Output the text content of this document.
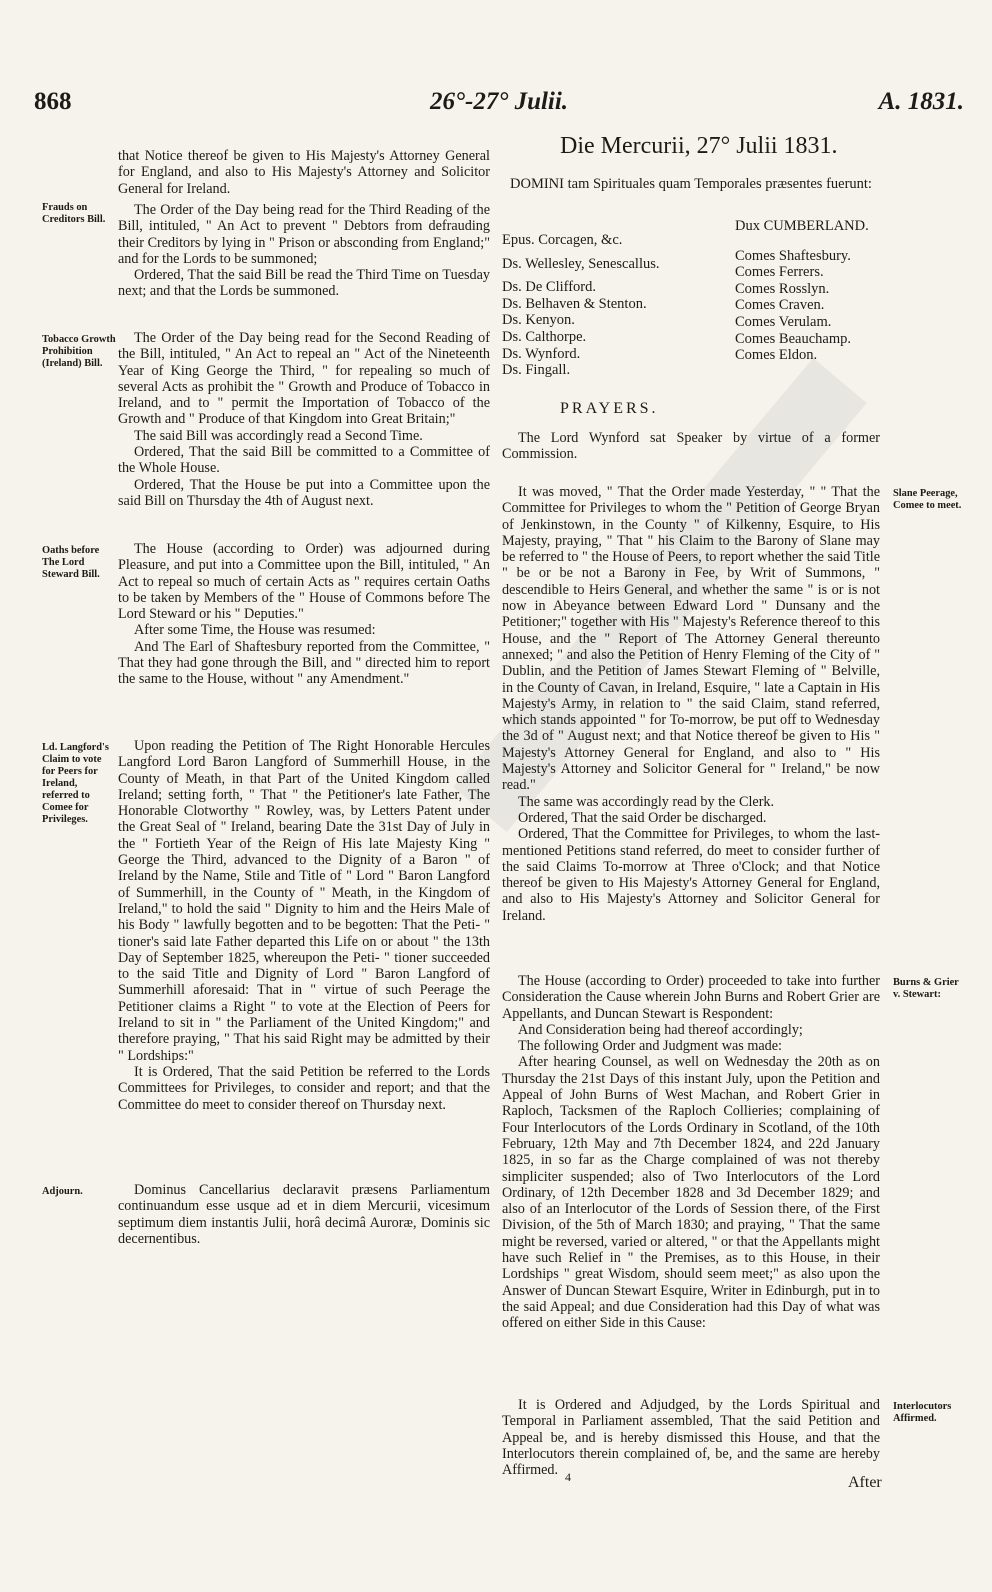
868	26°-27° Julii.	A. 1831.

that Notice thereof be given to His Majesty's Attorney General for England, and also to His Majesty's Attorney and Solicitor General for Ireland.

Frauds on Creditors Bill.

The Order of the Day being read for the Third Reading of the Bill, intituled, " An Act to prevent " Debtors from defrauding their Creditors by lying in " Prison or absconding from England;" and for the Lords to be summoned;

Ordered, That the said Bill be read the Third Time on Tuesday next; and that the Lords be summoned.

Tobacco Growth Prohibition (Ireland) Bill.

The Order of the Day being read for the Second Reading of the Bill, intituled, " An Act to repeal an " Act of the Nineteenth Year of King George the Third, " for repealing so much of several Acts as prohibit the " Growth and Produce of Tobacco in Ireland, and to " permit the Importation of Tobacco of the Growth and " Produce of that Kingdom into Great Britain;"

The said Bill was accordingly read a Second Time.

Ordered, That the said Bill be committed to a Committee of the Whole House.

Ordered, That the House be put into a Committee upon the said Bill on Thursday the 4th of August next.

Oaths before The Lord Steward Bill.

The House (according to Order) was adjourned during Pleasure, and put into a Committee upon the Bill, intituled, " An Act to repeal so much of certain Acts as " requires certain Oaths to be taken by Members of the " House of Commons before The Lord Steward or his " Deputies."

After some Time, the House was resumed:

And The Earl of Shaftesbury reported from the Committee, " That they had gone through the Bill, and " directed him to report the same to the House, without " any Amendment."

Ld. Langford's Claim to vote for Peers for Ireland, referred to Comee for Privileges.

Upon reading the Petition of The Right Honorable Hercules Langford Lord Baron Langford of Summerhill House, in the County of Meath, in that Part of the United Kingdom called Ireland; setting forth, " That " the Petitioner's late Father, The Honorable Clotworthy " Rowley, was, by Letters Patent under the Great Seal of " Ireland, bearing Date the 31st Day of July in the " Fortieth Year of the Reign of His late Majesty King " George the Third, advanced to the Dignity of a Baron " of Ireland by the Name, Stile and Title of " Lord " Baron Langford of Summerhill, in the County of " Meath, in the Kingdom of Ireland," to hold the said " Dignity to him and the Heirs Male of his Body " lawfully begotten and to be begotten: That the Peti- " tioner's said late Father departed this Life on or about " the 13th Day of September 1825, whereupon the Peti- " tioner succeeded to the said Title and Dignity of Lord " Baron Langford of Summerhill aforesaid: That in " virtue of such Peerage the Petitioner claims a Right " to vote at the Election of Peers for Ireland to sit in " the Parliament of the United Kingdom;" and therefore praying, " That his said Right may be admitted by their " Lordships:"

It is Ordered, That the said Petition be referred to the Lords Committees for Privileges, to consider and report; and that the Committee do meet to consider thereof on Thursday next.

Adjourn.	Dominus Cancellarius declaravit præsens Parliamentum continuandum esse usque ad et in diem Mercurii, vicesimum septimum diem instantis Julii, horâ decimâ Auroræ, Dominis sic decernentibus.

Die Mercurii, 27° Julii 1831.
DOMINI tam Spirituales quam Temporales præsentes fuerunt:
Epus. Corcagen, &c.
Ds. Wellesley, Senescallus.
Ds. De Clifford.
Ds. Belhaven & Stenton.
Ds. Kenyon.
Ds. Calthorpe.
Ds. Wynford.
Ds. Fingall.
Dux CUMBERLAND.
Comes Shaftesbury.
Comes Ferrers.
Comes Rosslyn.
Comes Craven.
Comes Verulam.
Comes Beauchamp.
Comes Eldon.
PRAYERS.

The Lord Wynford sat Speaker by virtue of a former Commission.

Slane Peerage, Comee to meet.

It was moved, " That the Order made Yesterday, " " That the Committee for Privileges to whom the " Petition of George Bryan of Jenkinstown, in the County " of Kilkenny, Esquire, to His Majesty, praying, " That " his Claim to the Barony of Slane may be referred to " the House of Peers, to report whether the said Title " be or be not a Barony in Fee, by Writ of Summons, " descendible to Heirs General, and whether the same " is or is not now in Abeyance between Edward Lord " Dunsany and the Petitioner;" together with His " Majesty's Reference thereof to this House, and the " Report of The Attorney General thereunto annexed; " and also the Petition of Henry Fleming of the City of " Dublin, and the Petition of James Stewart Fleming of " Belville, in the County of Cavan, in Ireland, Esquire, " late a Captain in His Majesty's Army, in relation to " the said Claim, stand referred, which stands appointed " for To-morrow, be put off to Wednesday the 3d of " August next; and that Notice thereof be given to His " Majesty's Attorney General for England, and also to " His Majesty's Attorney and Solicitor General for " Ireland," be now read."

The same was accordingly read by the Clerk.

Ordered, That the said Order be discharged.

Ordered, That the Committee for Privileges, to whom the last-mentioned Petitions stand referred, do meet to consider further of the said Claims To-morrow at Three o'Clock; and that Notice thereof be given to His Majesty's Attorney General for England, and also to His Majesty's Attorney and Solicitor General for Ireland.

Burns & Grier v. Stewart:

The House (according to Order) proceeded to take into further Consideration the Cause wherein John Burns and Robert Grier are Appellants, and Duncan Stewart is Respondent:

And Consideration being had thereof accordingly;

The following Order and Judgment was made:

After hearing Counsel, as well on Wednesday the 20th as on Thursday the 21st Days of this instant July, upon the Petition and Appeal of John Burns of West Machan, and Robert Grier in Raploch, Tacksmen of the Raploch Collieries; complaining of Four Interlocutors of the Lords Ordinary in Scotland, of the 10th February, 12th May and 7th December 1824, and 22d January 1825, in so far as the Charge complained of was not thereby simpliciter suspended; also of Two Interlocutors of the Lord Ordinary, of 12th December 1828 and 3d December 1829; and also of an Interlocutor of the Lords of Session there, of the First Division, of the 5th of March 1830; and praying, " That the same might be reversed, varied or altered, " or that the Appellants might have such Relief in " the Premises, as to this House, in their Lordships " great Wisdom, should seem meet;" as also upon the Answer of Duncan Stewart Esquire, Writer in Edinburgh, put in to the said Appeal; and due Consideration had this Day of what was offered on either Side in this Cause:

Interlocutors Affirmed.

It is Ordered and Adjudged, by the Lords Spiritual and Temporal in Parliament assembled, That the said Petition and Appeal be, and is hereby dismissed this House, and that the Interlocutors therein complained of, be, and the same are hereby Affirmed. 4	After
